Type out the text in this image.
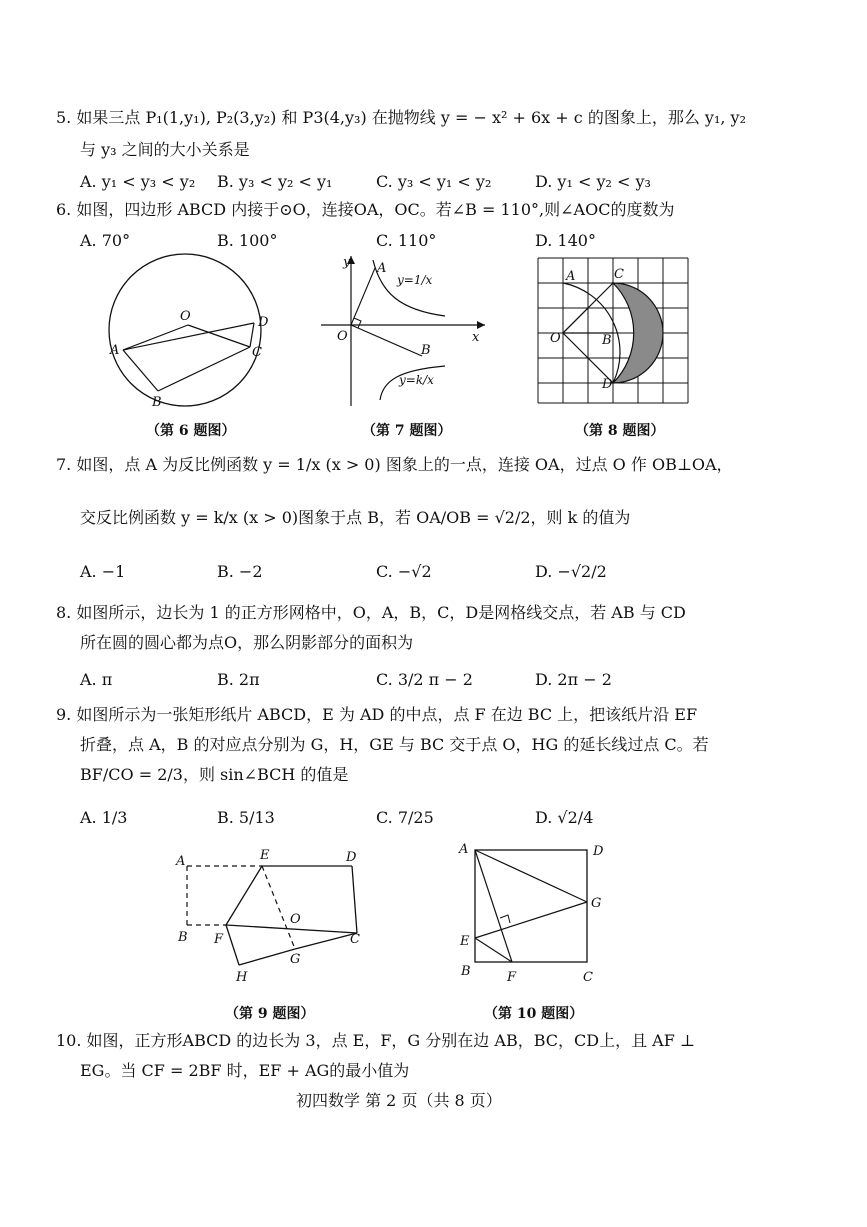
5. 如果三点 P₁(1,y₁), P₂(3,y₂) 和 P3(4,y₃) 在抛物线 y = − x² + 6x + c 的图象上，那么 y₁, y₂
与 y₃ 之间的大小关系是
A. y₁ < y₃ < y₂ B. y₃ < y₂ < y₁	C. y₃ < y₁ < y₂	D. y₁ < y₂ < y₃
6. 如图，四边形 ABCD 内接于⊙O，连接OA，OC。若∠B = 110°,则∠AOC的度数为
A. 70°	B. 100°	C. 110°	D. 140°
O
A
B
C
D
（第 6 题图）
y
x
O
A
B
y=1/x
y=k/x
（第 7 题图）
A	C
O	B
D
（第 8 题图）
7. 如图，点 A 为反比例函数 y = 1/x (x > 0) 图象上的一点，连接 OA，过点 O 作 OB⊥OA，
交反比例函数 y = k/x (x > 0)图象于点 B，若 OA/OB = √2/2，则 k 的值为
A. −1	B. −2	C. −√2	D. −√2/2
8. 如图所示，边长为 1 的正方形网格中，O，A，B，C，D是网格线交点，若 AB 与 CD
所在圆的圆心都为点O，那么阴影部分的面积为
A. π	B. 2π	C. 3/2 π − 2	D. 2π − 2
9. 如图所示为一张矩形纸片 ABCD，E 为 AD 的中点，点 F 在边 BC 上，把该纸片沿 EF
折叠，点 A，B 的对应点分别为 G，H，GE 与 BC 交于点 O，HG 的延长线过点 C。若
BF/CO = 2/3，则 sin∠BCH 的值是
A. 1/3	B. 5/13	C. 7/25	D. √2/4
A	E	D
O
B F	C
G
H
（第 9 题图）
A	D
G
E
B	F	C
（第 10 题图）
10. 如图，正方形ABCD 的边长为 3，点 E，F，G 分别在边 AB，BC，CD上，且 AF ⊥
EG。当 CF = 2BF 时，EF + AG的最小值为
初四数学 第 2 页（共 8 页）
